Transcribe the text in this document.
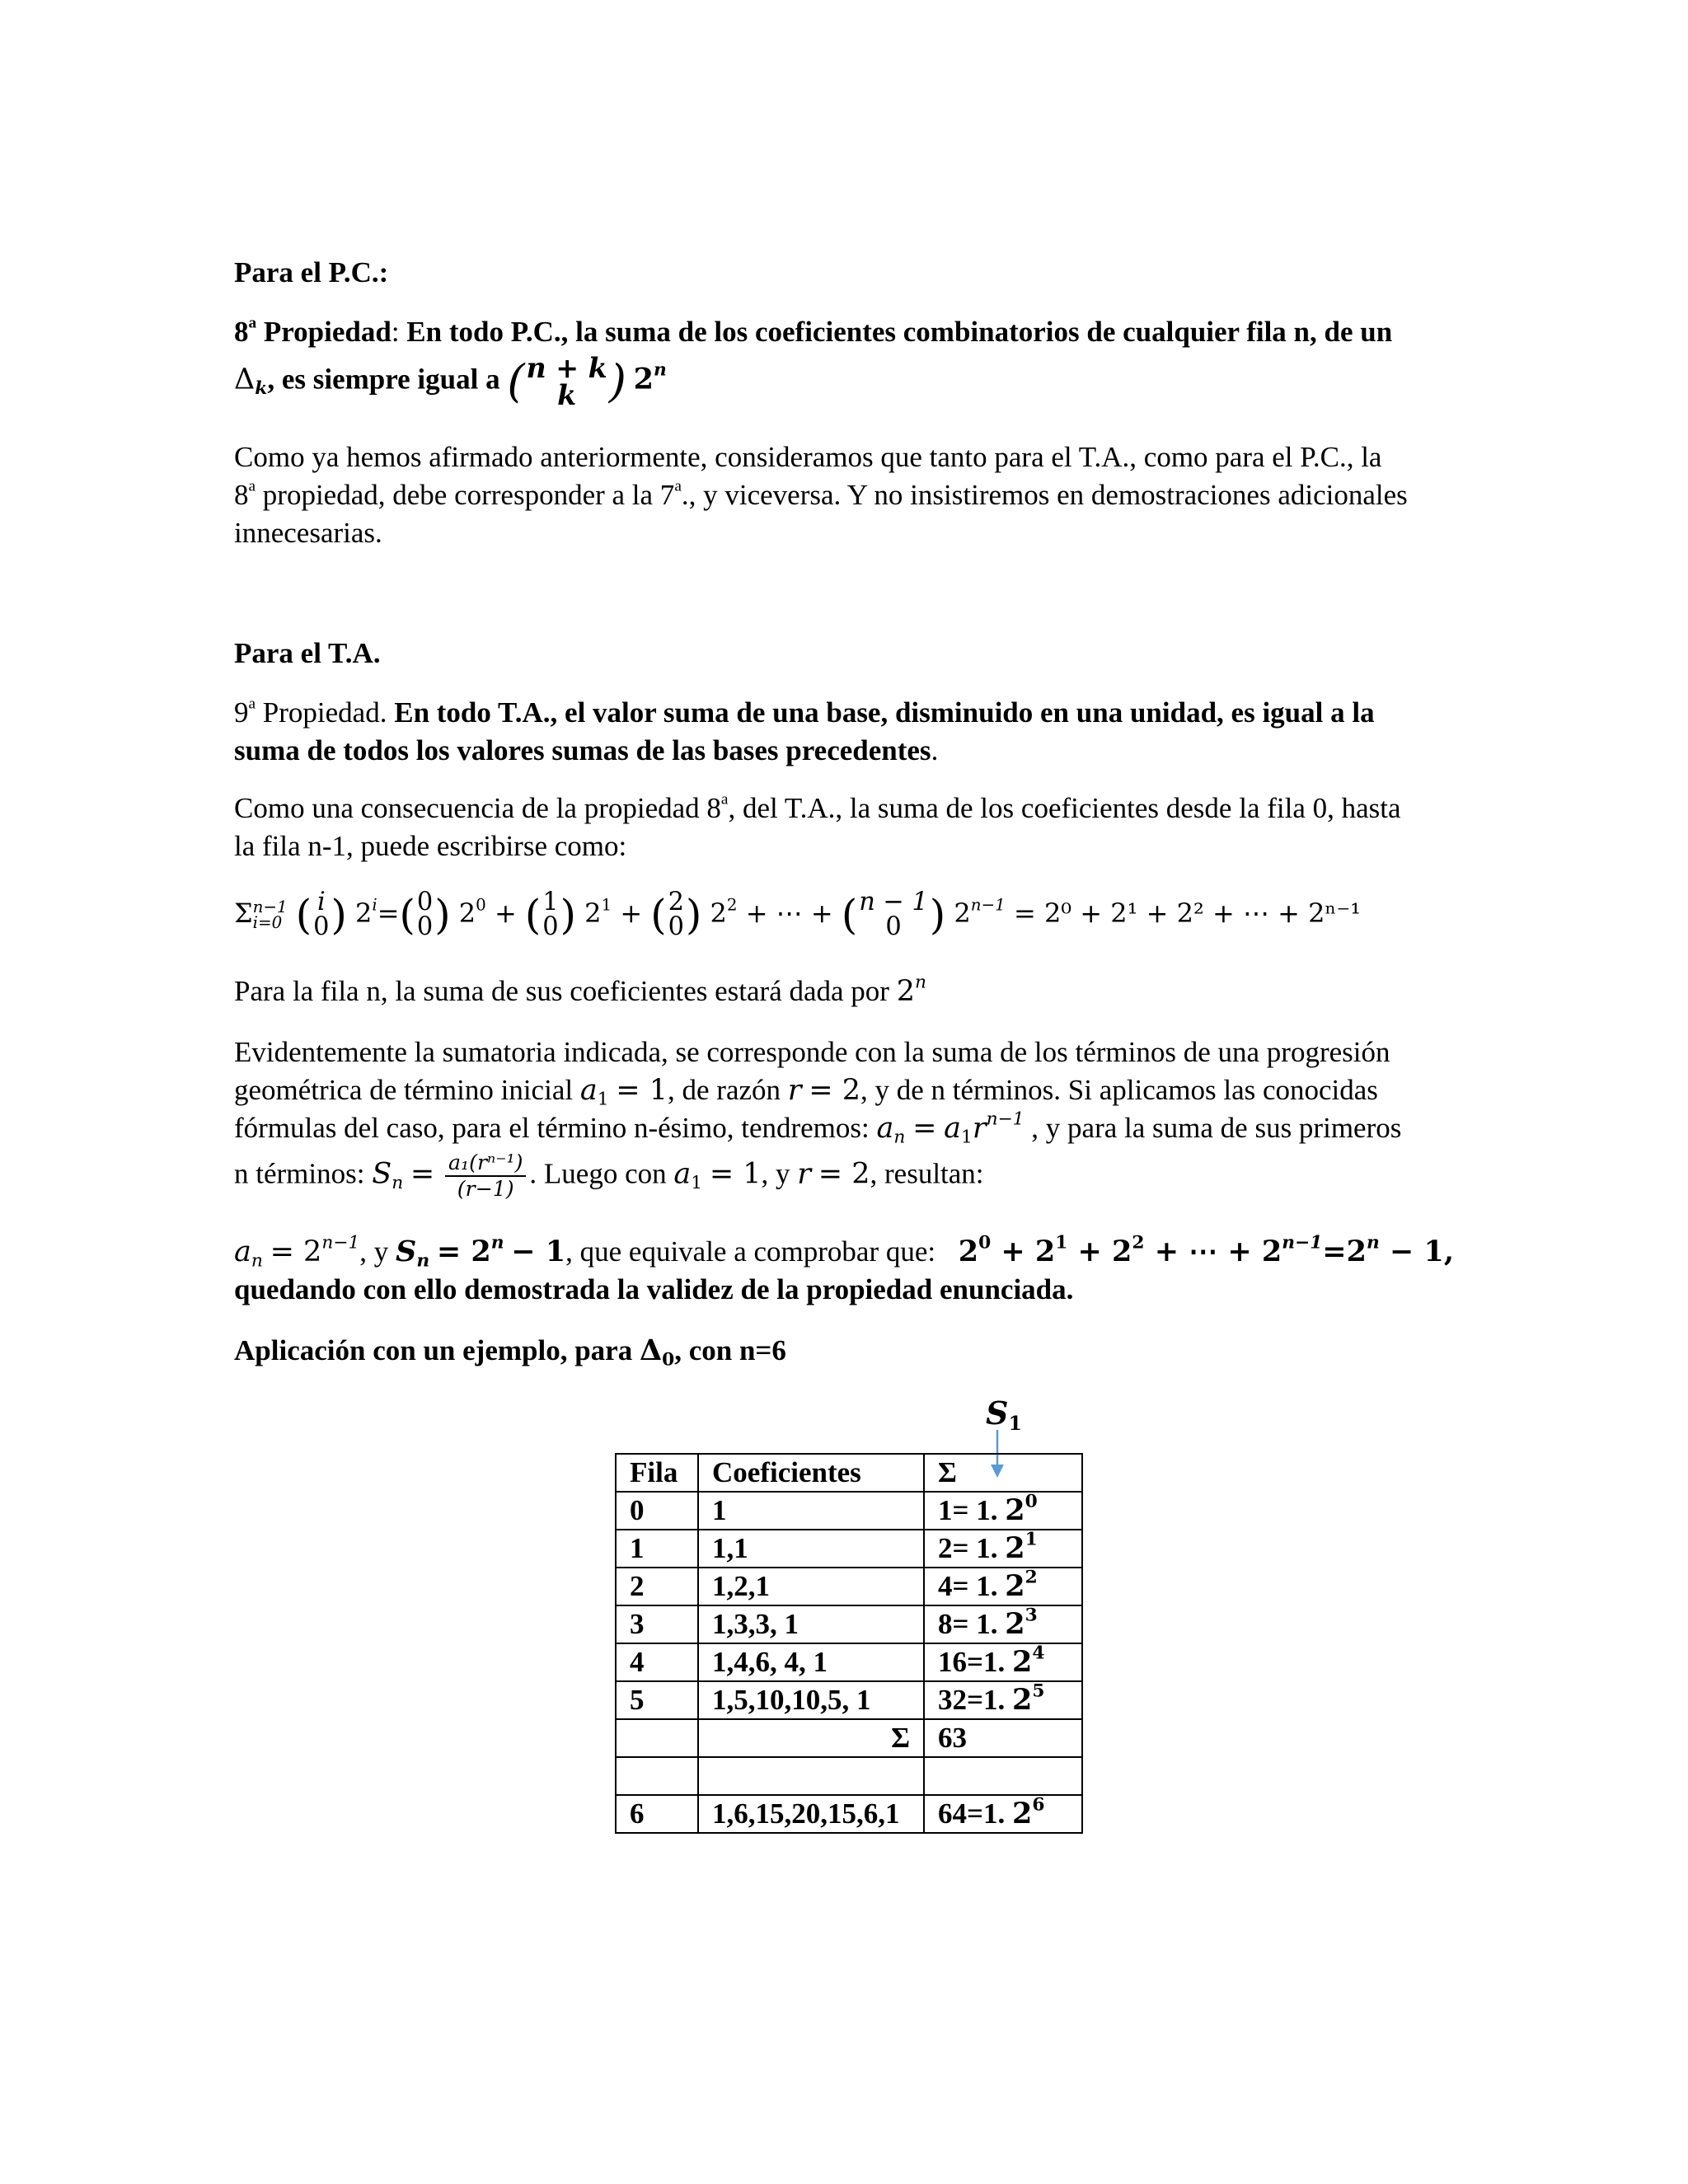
Para el P.C.:
8$^a$ Propiedad: En todo P.C., la suma de los coeficientes combinatorios de cualquier fila n, de un
$\Delta_k$, es siempre igual a ( n + k
k ) 2$^n$
Como ya hemos afirmado anteriormente, consideramos que tanto para el T.A., como para el P.C., la
8$^a$ propiedad, debe corresponder a la 7$^a$., y viceversa. Y no insistiremos en demostraciones adicionales
innecesarias.
Para el T.A.
9$^a$ Propiedad. En todo T.A., el valor suma de una base, disminuido en una unidad, es igual a la
suma de todos los valores sumas de las bases precedentes.
Como una consecuencia de la propiedad 8$^a$, del T.A., la suma de los coeficientes desde la fila 0, hasta
la fila n-1, puede escribirse como:
Σ n−1
i=0
( i
0 ) $2^i=$ ( 0
0 ) $2^0$ + ( 1
0 ) $2^1$ + ( 2
0 ) $2^2$ + ⋯ + ( n − 1
0 ) $2^{n-1} = 2^0 + 2^1 + 2^2$ + ⋯ + 2ⁿ⁻¹
Para la fila n, la suma de sus coeficientes estará dada por 2$^n$
Evidentemente la sumatoria indicada, se corresponde con la suma de los términos de una progresión
geométrica de término inicial $a_1 = 1$, de razón r = 2, y de n términos. Si aplicamos las conocidas
fórmulas del caso, para el término n-ésimo, tendremos: $a_n = a_1r^{n-1}$ , y para la suma de sus primeros
n términos: $S_n = \frac{\text{a₁(rⁿ⁻¹)}}{(r-1)}$ . Luego con $a_1 = 1$, y r = 2, resultan:
$a_n = 2^{n-1}$, y $S_n = 2^n - 1$, que equivale a comprobar que: $2^0 + 2^1 + 2^2$ + ⋯ + $2^{n-1}=2^n - 1$,
quedando con ello demostrada la validez de la propiedad enunciada.
Aplicación con un ejemplo, para $\Delta_0$, con n=6
$S_1$
Fila	Coeficientes	Σ
0	1	1= 1. $2^0$
1	1,1	2= 1. $2^1$
2	1,2,1	4= 1. $2^2$
3	1,3,3, 1	8= 1. $2^3$
4	1,4,6, 4, 1	16=1. $2^4$
5	1,5,10,10,5, 1	32=1. $2^5$
	Σ	63

6	1,6,15,20,15,6,1	64=1. $2^6$
